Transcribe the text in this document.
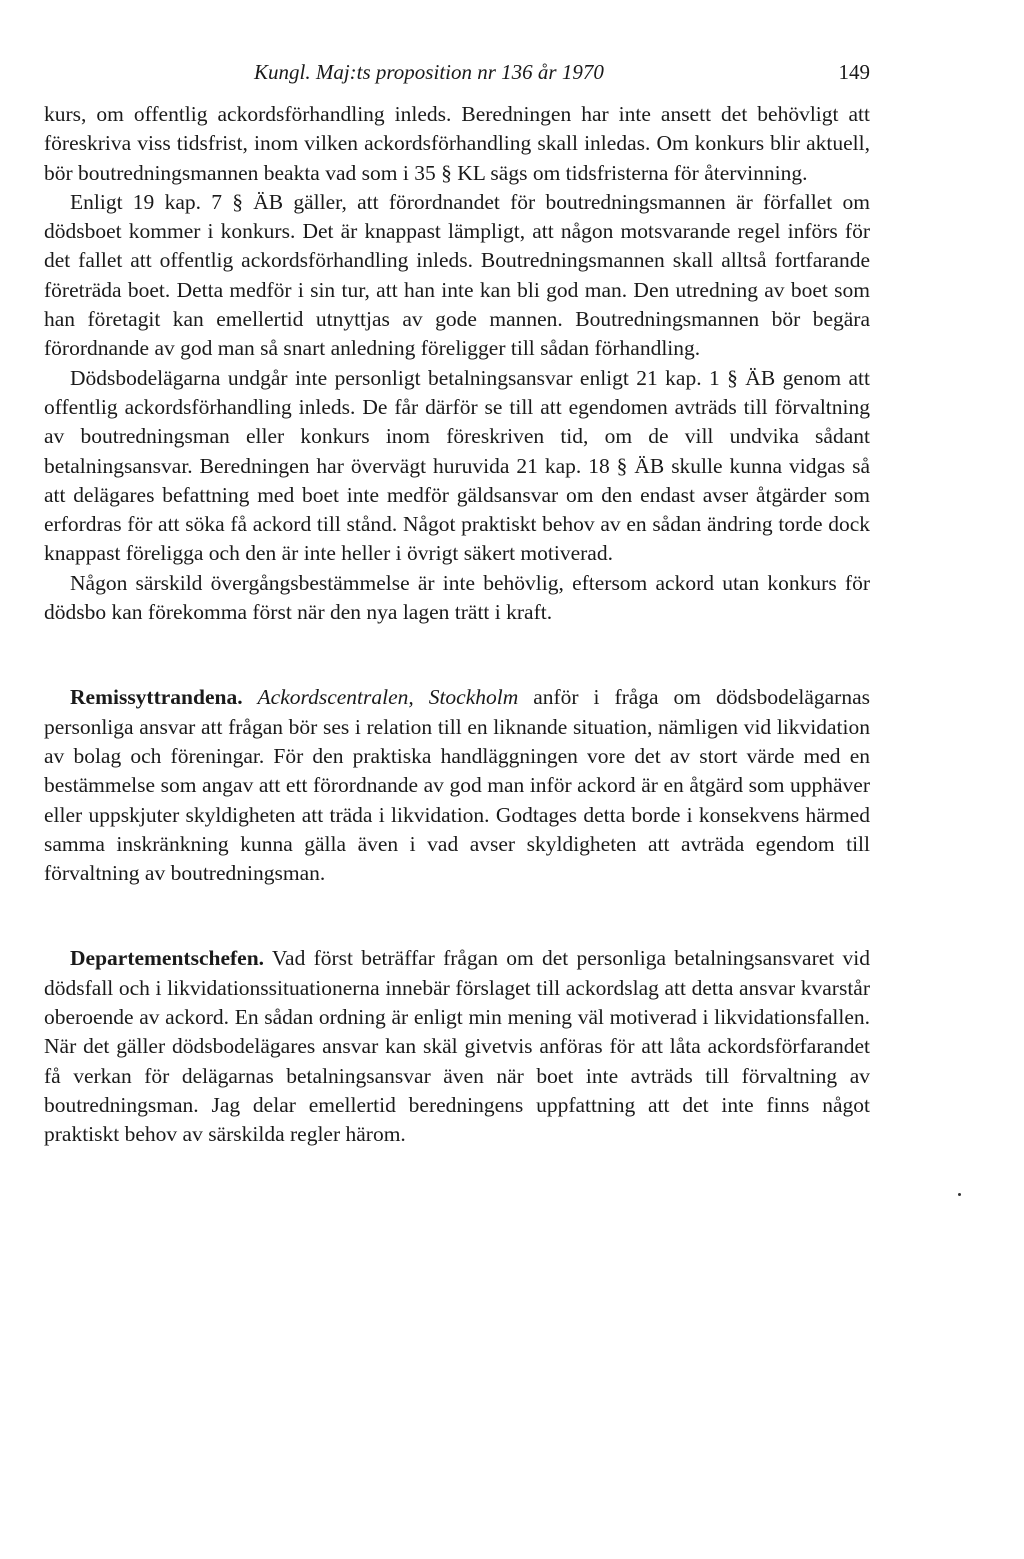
Kungl. Maj:ts proposition nr 136 år 1970	149

kurs, om offentlig ackordsförhandling inleds. Beredningen har inte ansett det behövligt att föreskriva viss tidsfrist, inom vilken ackordsförhandling skall inledas. Om konkurs blir aktuell, bör boutredningsmannen beakta vad som i 35 § KL sägs om tidsfristerna för återvinning.

Enligt 19 kap. 7 § ÄB gäller, att förordnandet för boutredningsmannen är förfallet om dödsboet kommer i konkurs. Det är knappast lämpligt, att någon motsvarande regel införs för det fallet att offentlig ackordsförhandling inleds. Boutredningsmannen skall alltså fortfarande företräda boet. Detta medför i sin tur, att han inte kan bli god man. Den utredning av boet som han företagit kan emellertid utnyttjas av gode mannen. Boutredningsmannen bör begära förordnande av god man så snart anledning föreligger till sådan förhandling.

Dödsbodelägarna undgår inte personligt betalningsansvar enligt 21 kap. 1 § ÄB genom att offentlig ackordsförhandling inleds. De får därför se till att egendomen avträds till förvaltning av boutredningsman eller konkurs inom föreskriven tid, om de vill undvika sådant betalningsansvar. Beredningen har övervägt huruvida 21 kap. 18 § ÄB skulle kunna vidgas så att delägares befattning med boet inte medför gäldsansvar om den endast avser åtgärder som erfordras för att söka få ackord till stånd. Något praktiskt behov av en sådan ändring torde dock knappast föreligga och den är inte heller i övrigt säkert motiverad.

Någon särskild övergångsbestämmelse är inte behövlig, eftersom ackord utan konkurs för dödsbo kan förekomma först när den nya lagen trätt i kraft.

Remissyttrandena. Ackordscentralen, Stockholm anför i fråga om dödsbodelägarnas personliga ansvar att frågan bör ses i relation till en liknande situation, nämligen vid likvidation av bolag och föreningar. För den praktiska handläggningen vore det av stort värde med en bestämmelse som angav att ett förordnande av god man inför ackord är en åtgärd som upphäver eller uppskjuter skyldigheten att träda i likvidation. Godtages detta borde i konsekvens härmed samma inskränkning kunna gälla även i vad avser skyldigheten att avträda egendom till förvaltning av boutredningsman.

Departementschefen. Vad först beträffar frågan om det personliga betalningsansvaret vid dödsfall och i likvidationssituationerna innebär förslaget till ackordslag att detta ansvar kvarstår oberoende av ackord. En sådan ordning är enligt min mening väl motiverad i likvidationsfallen. När det gäller dödsbodelägares ansvar kan skäl givetvis anföras för att låta ackordsförfarandet få verkan för delägarnas betalningsansvar även när boet inte avträds till förvaltning av boutredningsman. Jag delar emellertid beredningens uppfattning att det inte finns något praktiskt behov av särskilda regler härom.
